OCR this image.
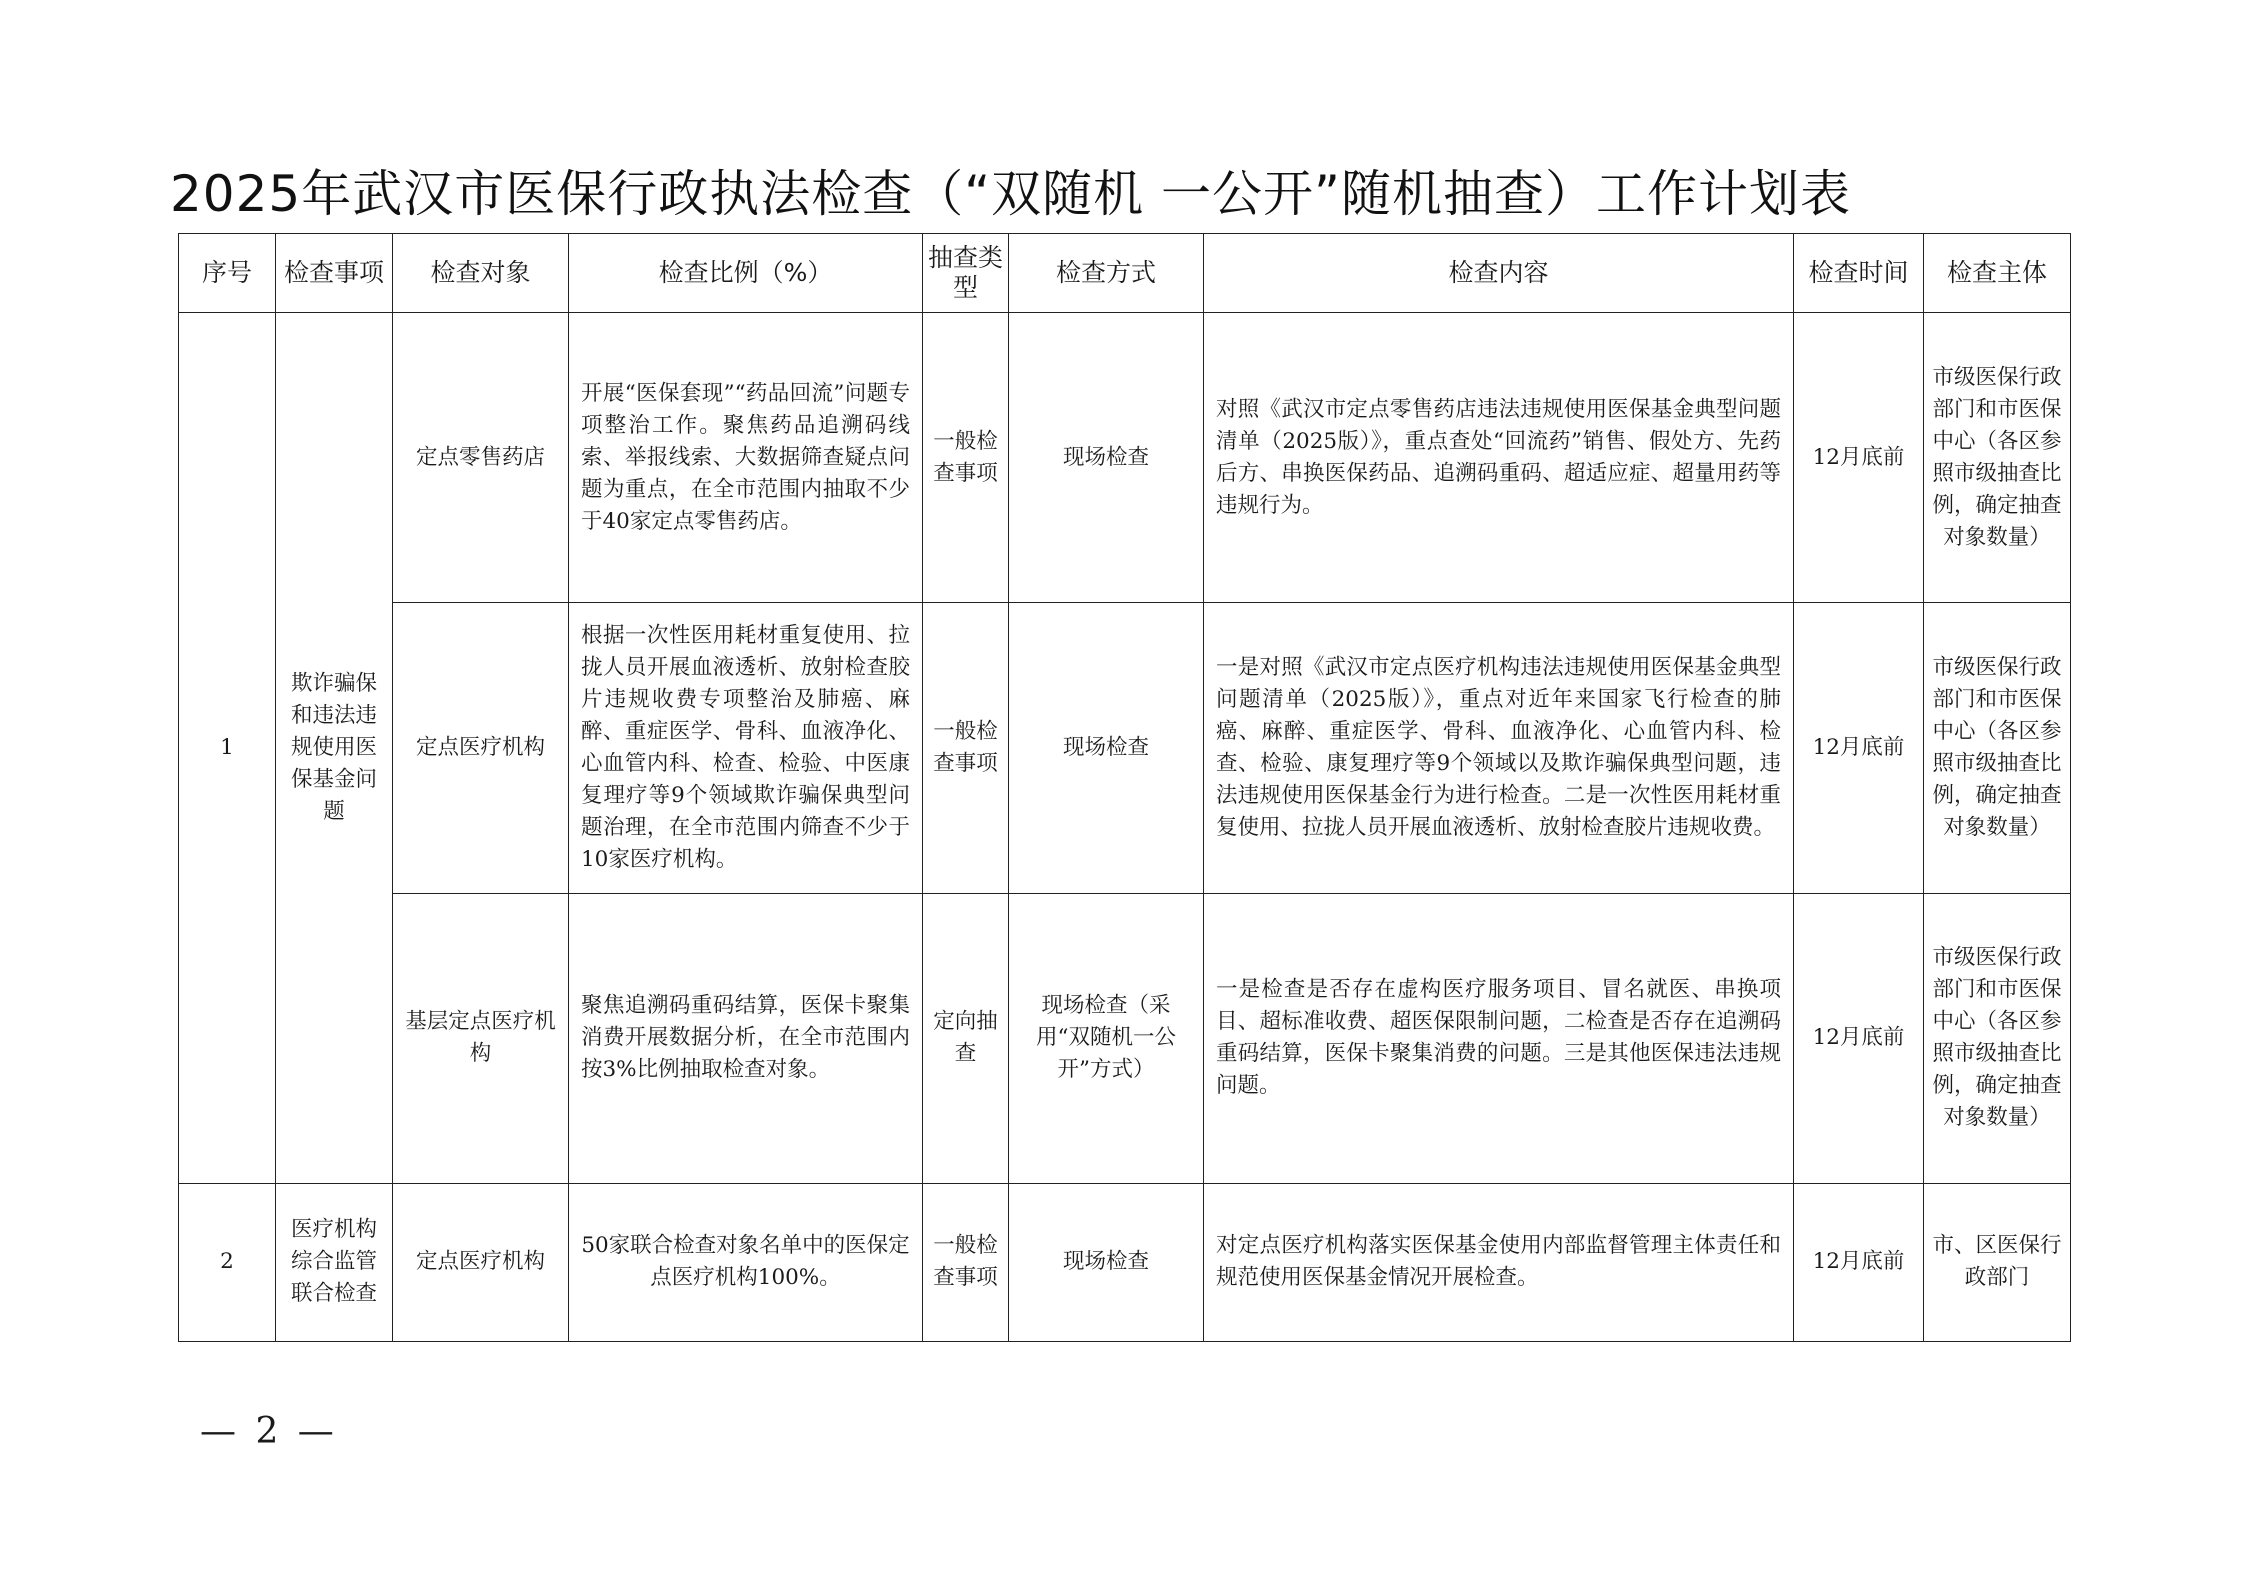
2025年武汉市医保行政执法检查（“双随机 一公开”随机抽查）工作计划表
序号	检查事项	检查对象	检查比例（%）	抽查类型	检查方式	检查内容	检查时间	检查主体
1	欺诈骗保和违法违规使用医保基金问题	定点零售药店	开展“医保套现”“药品回流”问题专项整治工作。聚焦药品追溯码线索、举报线索、大数据筛查疑点问题为重点，在全市范围内抽取不少于40家定点零售药店。	一般检查事项	现场检查	对照《武汉市定点零售药店违法违规使用医保基金典型问题清单（2025版）》，重点查处“回流药”销售、假处方、先药后方、串换医保药品、追溯码重码、超适应症、超量用药等违规行为。	12月底前	市级医保行政部门和市医保中心（各区参照市级抽查比例，确定抽查对象数量）
		定点医疗机构	根据一次性医用耗材重复使用、拉拢人员开展血液透析、放射检查胶片违规收费专项整治及肺癌、麻醉、重症医学、骨科、血液净化、心血管内科、检查、检验、中医康复理疗等9个领域欺诈骗保典型问题治理，在全市范围内筛查不少于10家医疗机构。	一般检查事项	现场检查	一是对照《武汉市定点医疗机构违法违规使用医保基金典型问题清单（2025版）》，重点对近年来国家飞行检查的肺癌、麻醉、重症医学、骨科、血液净化、心血管内科、检查、检验、康复理疗等9个领域以及欺诈骗保典型问题，违法违规使用医保基金行为进行检查。二是一次性医用耗材重复使用、拉拢人员开展血液透析、放射检查胶片违规收费。	12月底前	市级医保行政部门和市医保中心（各区参照市级抽查比例，确定抽查对象数量）
		基层定点医疗机构	聚焦追溯码重码结算，医保卡聚集消费开展数据分析，在全市范围内按3%比例抽取检查对象。	定向抽查	现场检查（采用“双随机一公开”方式）	一是检查是否存在虚构医疗服务项目、冒名就医、串换项目、超标准收费、超医保限制问题，二检查是否存在追溯码重码结算，医保卡聚集消费的问题。三是其他医保违法违规问题。	12月底前	市级医保行政部门和市医保中心（各区参照市级抽查比例，确定抽查对象数量）
2	医疗机构综合监管联合检查	定点医疗机构	50家联合检查对象名单中的医保定点医疗机构100%。	一般检查事项	现场检查	对定点医疗机构落实医保基金使用内部监督管理主体责任和规范使用医保基金情况开展检查。	12月底前	市、区医保行政部门
— 2 —
